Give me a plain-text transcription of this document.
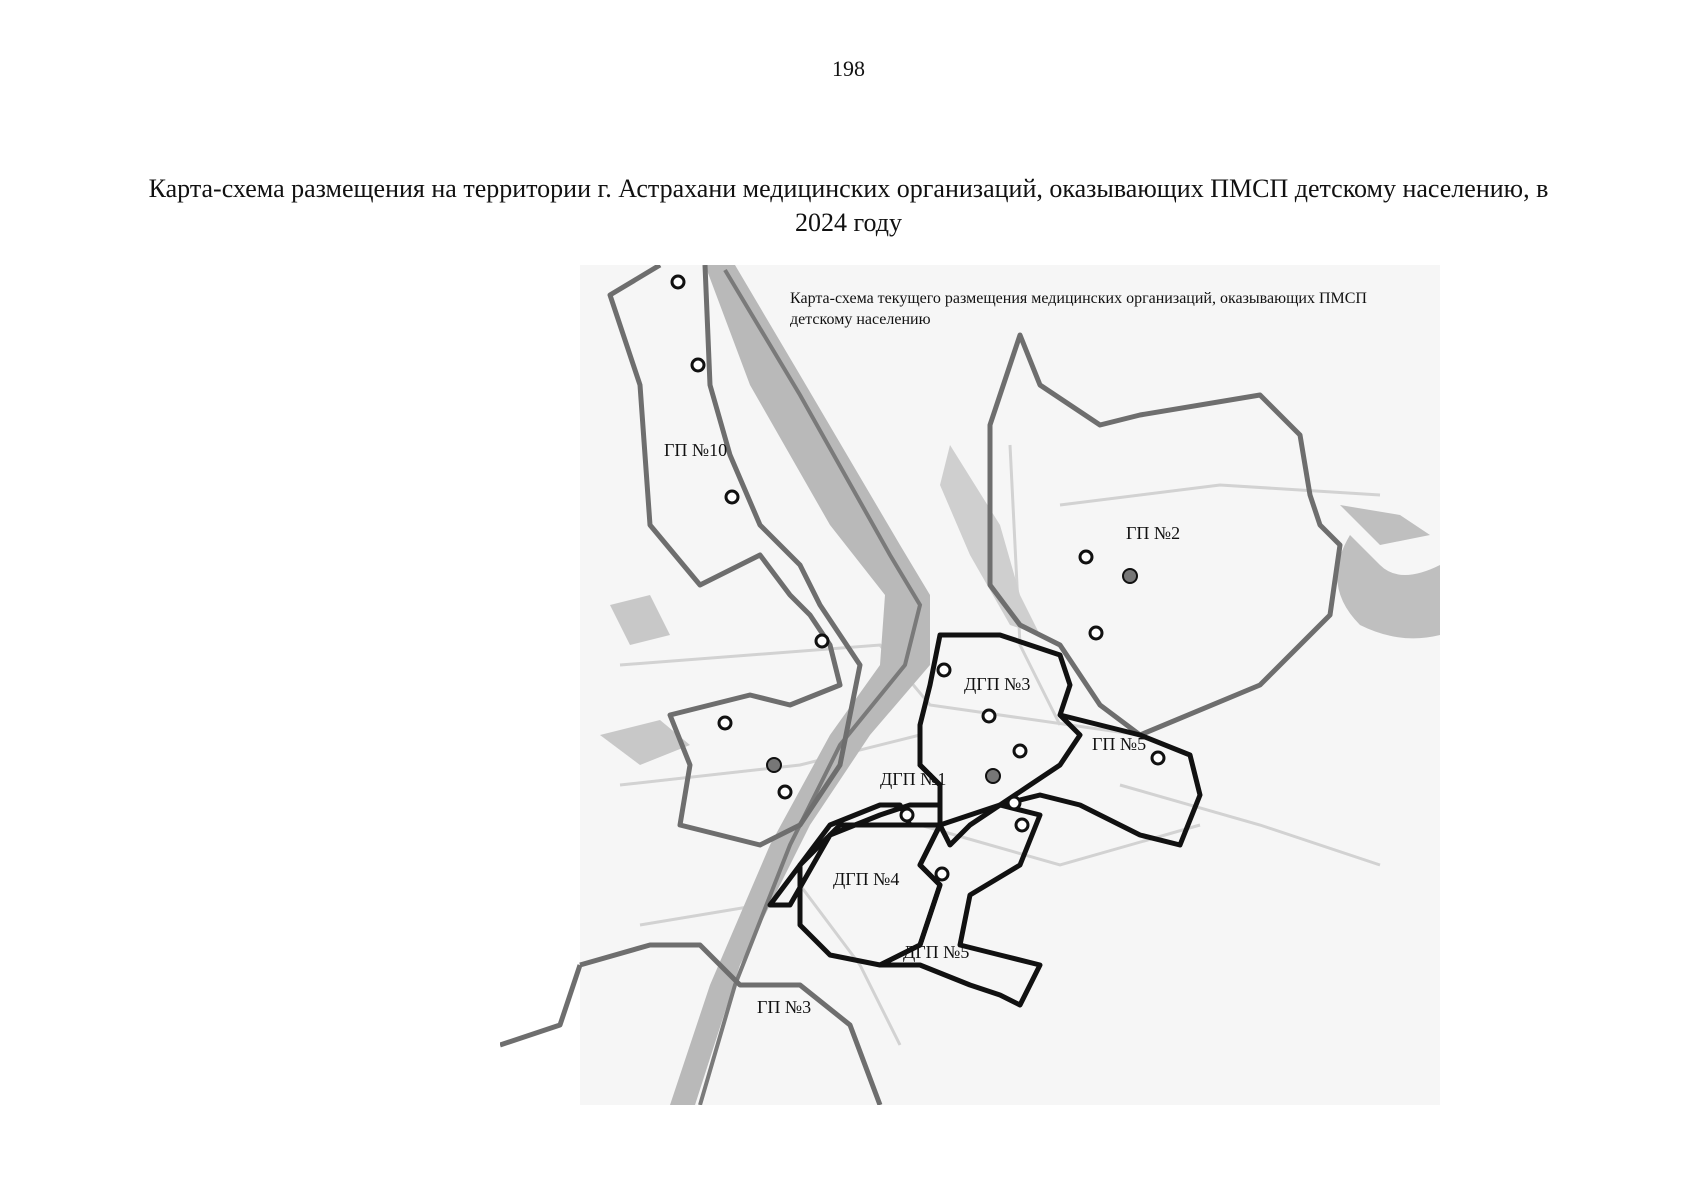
198
Карта-схема размещения на территории г. Астрахани медицинских организаций, оказывающих ПМСП детскому населению, в 2024 году
ГП №10
ГП №2
ДГП №3
ГП №5
ДГП №1
ДГП №4
ДГП №5
ГП №3
Карта-схема текущего размещения медицинских организаций, оказывающих ПМСП детскому населению
